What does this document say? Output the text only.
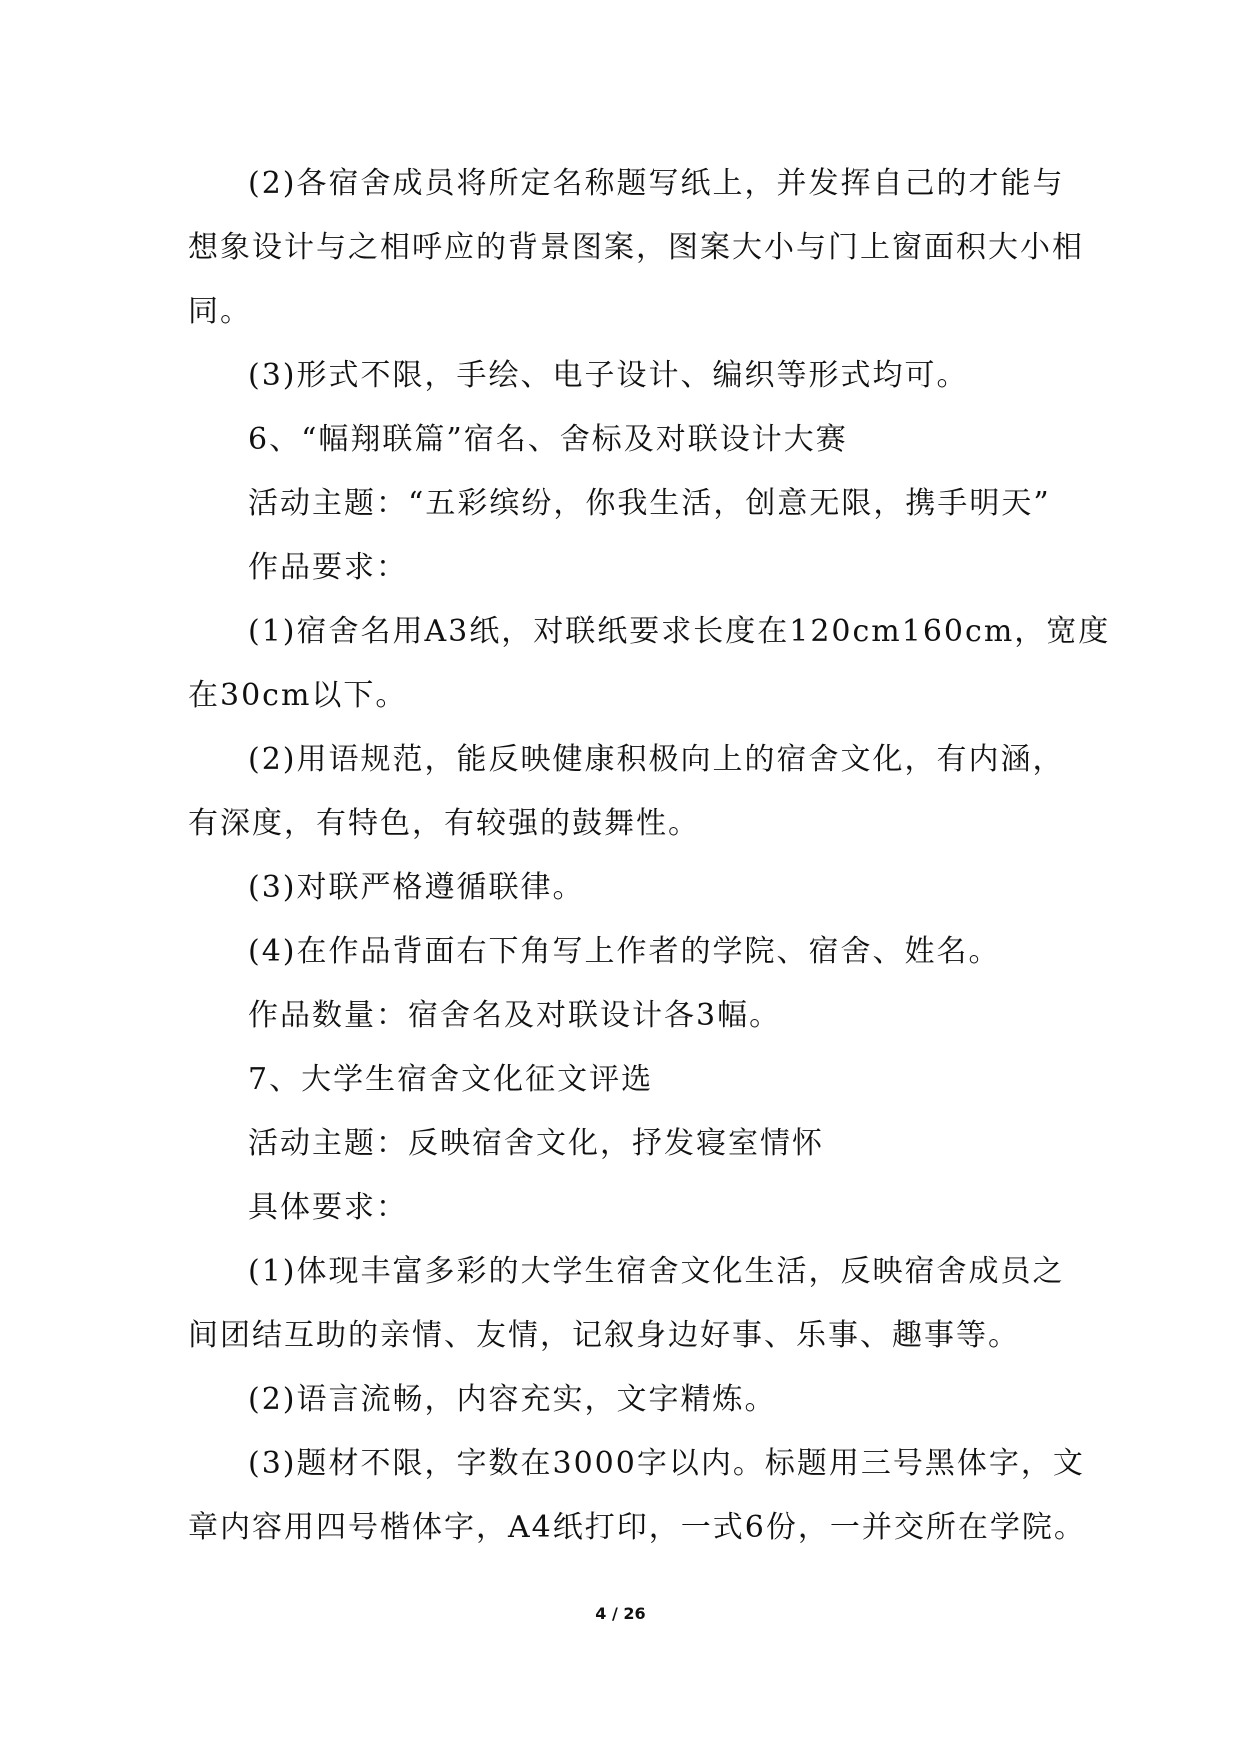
(2)各宿舍成员将所定名称题写纸上，并发挥自己的才能与

想象设计与之相呼应的背景图案，图案大小与门上窗面积大小相

同。

(3)形式不限，手绘、电子设计、编织等形式均可。

6、“幅翔联篇”宿名、舍标及对联设计大赛

活动主题：“五彩缤纷，你我生活，创意无限，携手明天”

作品要求：

(1)宿舍名用A3纸，对联纸要求长度在120cm160cm，宽度

在30cm以下。

(2)用语规范，能反映健康积极向上的宿舍文化，有内涵，

有深度，有特色，有较强的鼓舞性。

(3)对联严格遵循联律。

(4)在作品背面右下角写上作者的学院、宿舍、姓名。

作品数量：宿舍名及对联设计各3幅。

7、大学生宿舍文化征文评选

活动主题：反映宿舍文化，抒发寝室情怀

具体要求：

(1)体现丰富多彩的大学生宿舍文化生活，反映宿舍成员之

间团结互助的亲情、友情，记叙身边好事、乐事、趣事等。

(2)语言流畅，内容充实，文字精炼。

(3)题材不限，字数在3000字以内。标题用三号黑体字，文

章内容用四号楷体字，A4纸打印，一式6份，一并交所在学院。

4 / 26
